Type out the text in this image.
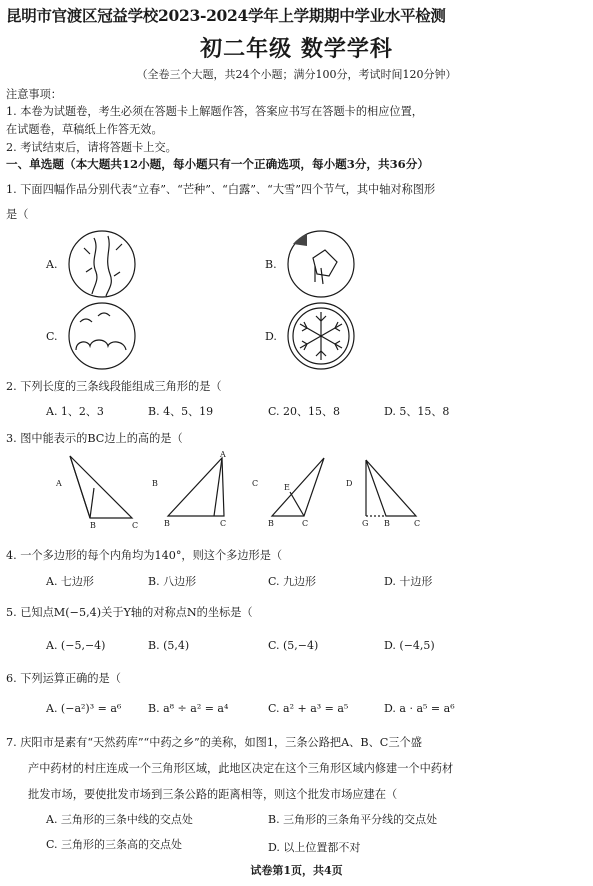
昆明市官渡区冠益学校2023-2024学年上学期期中学业水平检测
初二年级 数学学科
（全卷三个大题，共24个小题；满分100分，考试时间120分钟）
注意事项：
1. 本卷为试题卷，考生必须在答题卡上解题作答，答案应书写在答题卡的相应位置，
在试题卷，草稿纸上作答无效。
2. 考试结束后，请将答题卡上交。
一、单选题（本大题共12小题，每小题只有一个正确选项，每小题3分，共36分）
1. 下面四幅作品分别代表“立春”、“芒种”、“白露”、“大雪”四个节气，其中轴对称图形
是（
A.	B.
C.	D.
2. 下列长度的三条线段能组成三角形的是（
A. 1、2、3	B. 4、5、19	C. 20、15、8	D. 5、15、8
3. 图中能表示的BC边上的高的是（
A
B	C
B
B	C
A
C	E
B	C
D
G B	C
4. 一个多边形的每个内角均为140°，则这个多边形是（
A. 七边形	B. 八边形	C. 九边形	D. 十边形
5. 已知点M(−5,4)关于Y轴的对称点N的坐标是（
A. (−5,−4)	B. (5,4)	C. (5,−4)	D. (−4,5)
6. 下列运算正确的是（
A. (−a²)³ = a⁶ B. a⁸ ÷ a² = a⁴	C. a² + a³ = a⁵	D. a · a⁵ = a⁶
7. 庆阳市是素有“天然药库”“中药之乡”的美称，如图1，三条公路把A、B、C三个盛
产中药材的村庄连成一个三角形区域，此地区决定在这个三角形区域内修建一个中药材
批发市场，要使批发市场到三条公路的距离相等，则这个批发市场应建在（
A. 三角形的三条中线的交点处	B. 三角形的三条角平分线的交点处
C. 三角形的三条高的交点处	D. 以上位置都不对
试卷第1页，共4页
